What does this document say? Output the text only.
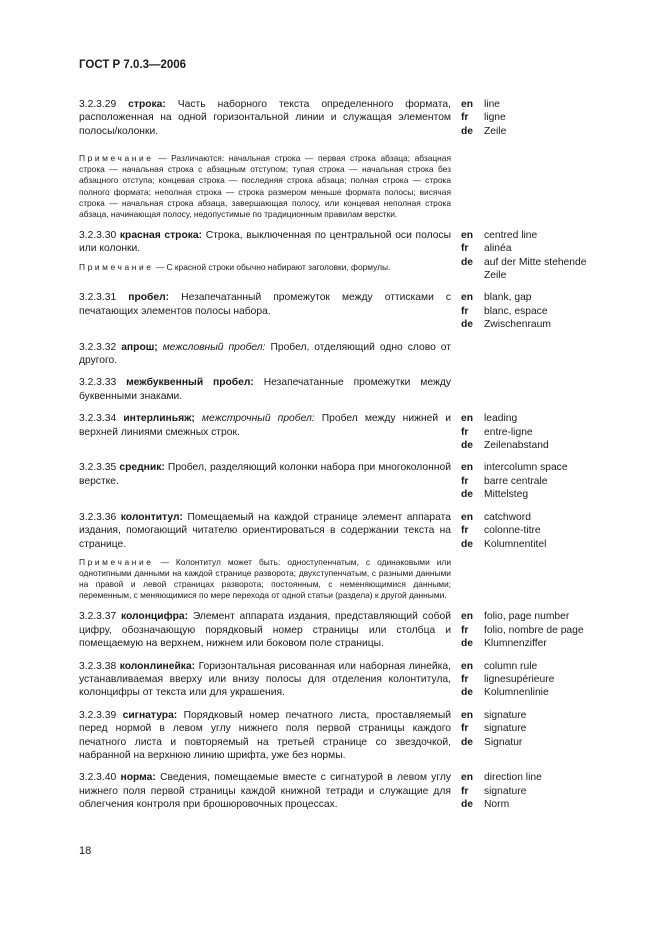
ГОСТ Р 7.0.3—2006

3.2.3.29 строка: Часть наборного текста определенного формата, расположенная на одной горизонтальной линии и служащая элементом полосы/колонки.

en	line
fr	ligne
de	Zeile

Примечание — Различаются: начальная строка — первая строка абзаца; абзацная строка — начальная строка с абзацным отступом; тупая строка — начальная строка без абзацного отступа; концевая строка — последняя строка абзаца; полная строка — строка полного формата; неполная строка — строка размером меньше формата полосы; висячая строка — начальная строка абзаца, завершающая полосу, или концевая неполная строка абзаца, начинающая полосу, недопустимые по традиционным правилам верстки.

3.2.3.30 красная строка: Строка, выключенная по центральной оси полосы или колонки.

Примечание — С красной строки обычно набирают заголовки, формулы.

en	centred line
fr	alinéa
de	auf der Mitte stehende Zeile

3.2.3.31 пробел: Незапечатанный промежуток между оттисками с печатающих элементов полосы набора.

en	blank, gap
fr	blanc, espace
de	Zwischenraum

3.2.3.32 апрош; межсловный пробел: Пробел, отделяющий одно слово от другого.

3.2.3.33 межбуквенный пробел: Незапечатанные промежутки между буквенными знаками.

3.2.3.34 интерлиньяж; межстрочный пробел: Пробел между нижней и верхней линиями смежных строк.

en	leading
fr	entre-ligne
de	Zeilenabstand

3.2.3.35 средник: Пробел, разделяющий колонки набора при многоколонной верстке.

en	intercolumn space
fr	barre centrale
de	Mittelsteg

3.2.3.36 колонтитул: Помещаемый на каждой странице элемент аппарата издания, помогающий читателю ориентироваться в содержании текста на странице.

Примечание — Колонтитул может быть: одноступенчатым, с одинаковыми или однотипными данными на каждой странице разворота; двухступенчатым, с разными данными на правой и левой страницах разворота; постоянным, с неменяющимися данными; переменным, с меняющимися по мере перехода от одной статьи (раздела) к другой данными.

en	catchword
fr	colonne-titre
de	Kolumnentitel

3.2.3.37 колонцифра: Элемент аппарата издания, представляющий собой цифру, обозначающую порядковый номер страницы или столбца и помещаемую на верхнем, нижнем или боковом поле страницы.

en	folio, page number
fr	folio, nombre de page
de	Klumnenziffer

3.2.3.38 колонлинейка: Горизонтальная рисованная или наборная линейка, устанавливаемая вверху или внизу полосы для отделения колонтитула, колонцифры от текста или для украшения.

en	column rule
fr	lignesupérieure
de	Kolumnenlinie

3.2.3.39 сигнатура: Порядковый номер печатного листа, проставляемый перед нормой в левом углу нижнего поля первой страницы каждого печатного листа и повторяемый на третьей странице со звездочкой, набранной на верхнюю линию шрифта, уже без нормы.

en	signature
fr	signature
de	Signatur

3.2.3.40 норма: Сведения, помещаемые вместе с сигнатурой в левом углу нижнего поля первой страницы каждой книжной тетради и служащие для облегчения контроля при брошюровочных процессах.

en	direction line
fr	signature
de	Norm
18
